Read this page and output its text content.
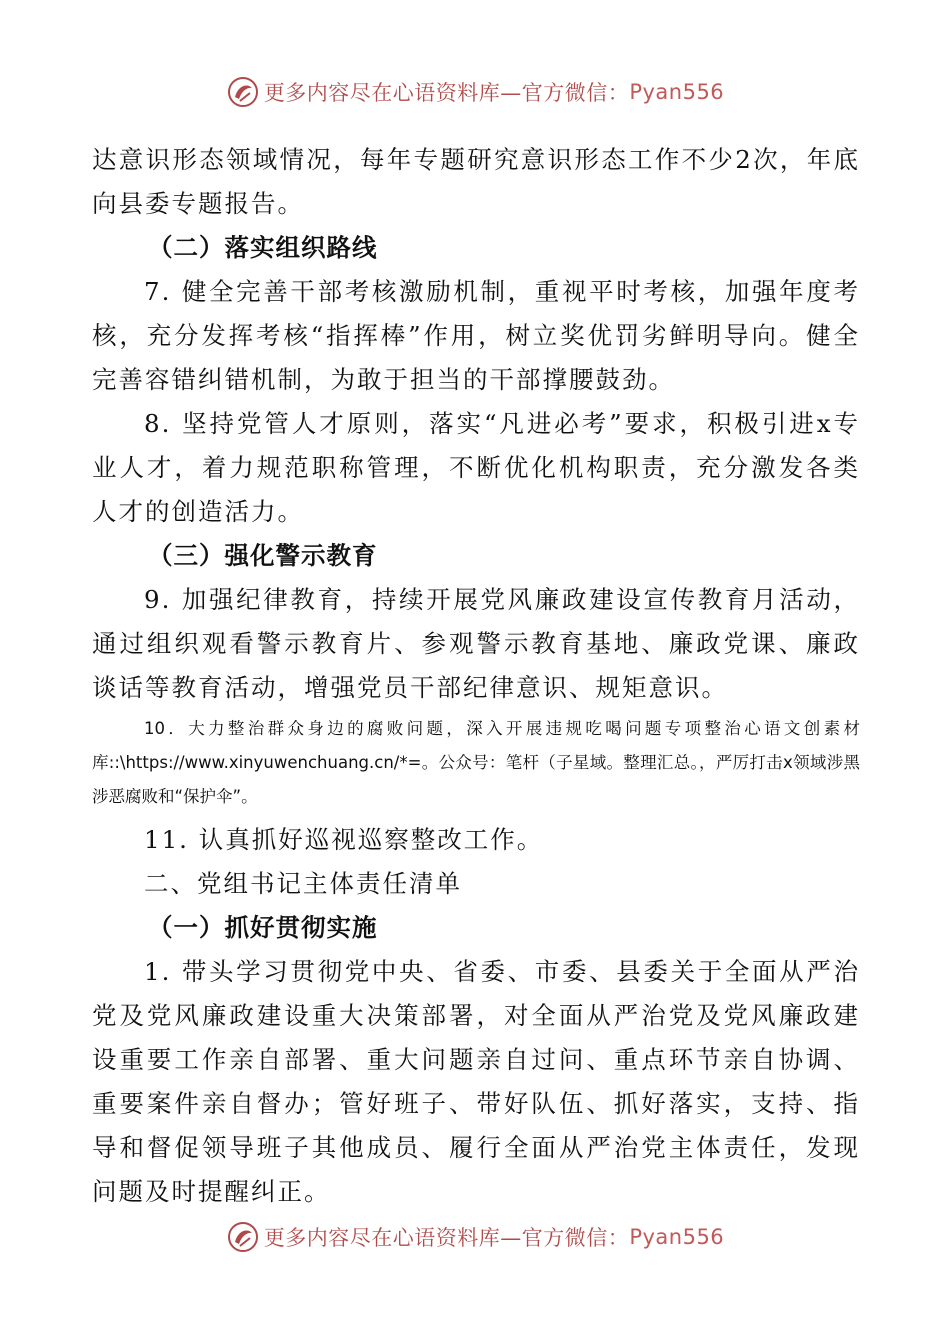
更多内容尽在心语资料库—官方微信： Pyan556

达意识形态领域情况，每年专题研究意识形态工作不少2次，年底向县委专题报告。

（二）落实组织路线

7. 健全完善干部考核激励机制，重视平时考核，加强年度考核，充分发挥考核“指挥棒”作用，树立奖优罚劣鲜明导向。健全完善容错纠错机制，为敢于担当的干部撑腰鼓劲。

8. 坚持党管人才原则，落实“凡进必考”要求，积极引进x专业人才，着力规范职称管理，不断优化机构职责，充分激发各类人才的创造活力。

（三）强化警示教育

9. 加强纪律教育，持续开展党风廉政建设宣传教育月活动，通过组织观看警示教育片、参观警示教育基地、廉政党课、廉政谈话等教育活动，增强党员干部纪律意识、规矩意识。

10．大力整治群众身边的腐败问题，深入开展违规吃喝问题专项整治心语文创素材库::\https://www.xinyuwenchuang.cn/*=。公众号：笔杆（子星域。整理汇总。，严厉打击x领域涉黑涉恶腐败和“保护伞”。

11. 认真抓好巡视巡察整改工作。

二、党组书记主体责任清单

（一）抓好贯彻实施

1. 带头学习贯彻党中央、省委、市委、县委关于全面从严治党及党风廉政建设重大决策部署，对全面从严治党及党风廉政建设重要工作亲自部署、重大问题亲自过问、重点环节亲自协调、重要案件亲自督办；管好班子、带好队伍、抓好落实，支持、指导和督促领导班子其他成员、履行全面从严治党主体责任，发现问题及时提醒纠正。

更多内容尽在心语资料库—官方微信： Pyan556
